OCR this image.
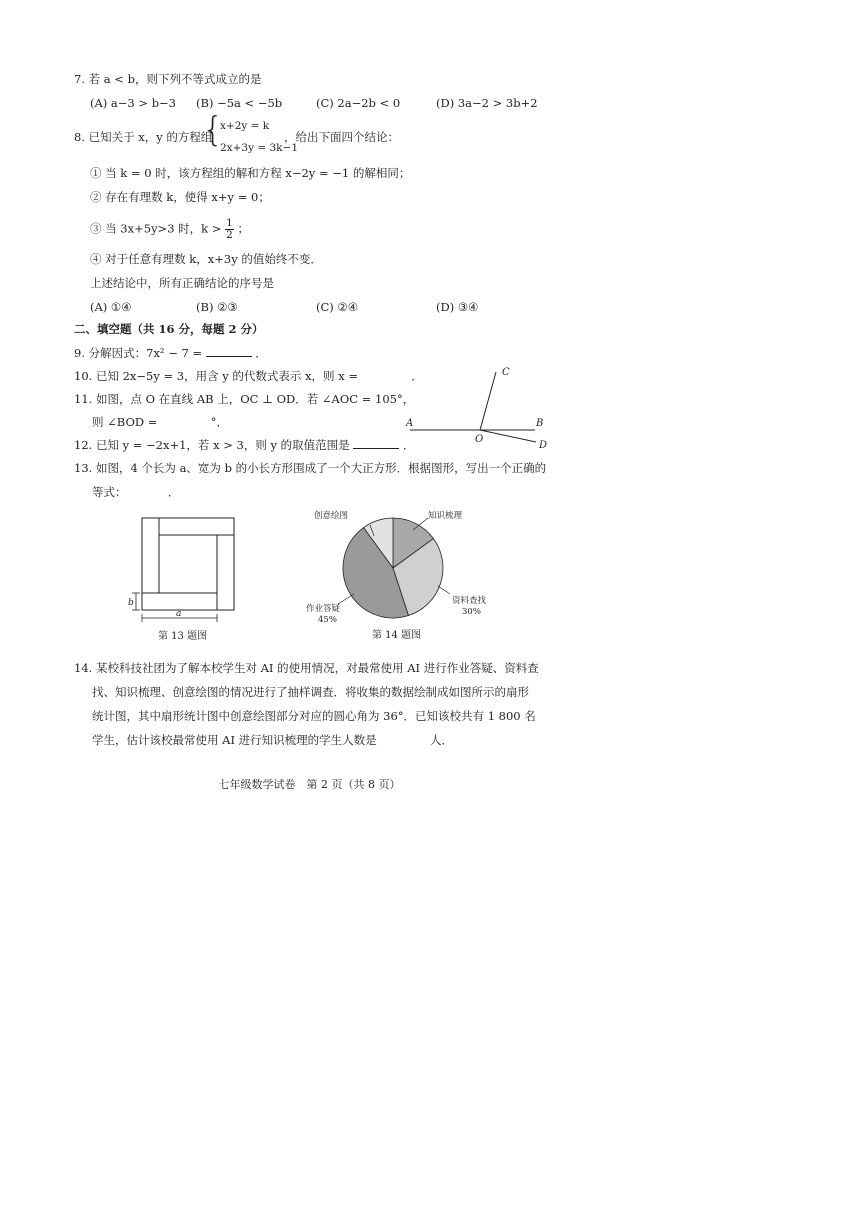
7. 若 a < b，则下列不等式成立的是
(A) a−3 > b−3 (B) −5a < −5b	(C) 2a−2b < 0	(D) 3a−2 > 3b+2
8. 已知关于 x，y 的方程组
{
x+2y = k
2x+3y = 3k−1
，给出下面四个结论：
① 当 k = 0 时，该方程组的解和方程 x−2y = −1 的解相同；
② 存在有理数 k，使得 x+y = 0；
③ 当 3x+5y>3 时，$k > \frac{1}{2}$ ；
④ 对于任意有理数 k，x+3y 的值始终不变．
上述结论中，所有正确结论的序号是
(A) ①④	(B) ②③	(C) ②④	(D) ③④
二、填空题（共 16 分，每题 2 分）
9. 分解因式：7x² − 7 =	．
10. 已知 2x−5y = 3，用含 y 的代数式表示 x，则 x =	．
11. 如图，点 O 在直线 AB 上，OC ⊥ OD．若 ∠AOC = 105°，
则 ∠BOD =	°．	A	B
C
D
O
12. 已知 y = −2x+1，若 x > 3，则 y 的取值范围是	．
13. 如图，4 个长为 a、宽为 b 的小长方形围成了一个大正方形．根据图形，写出一个正确的
等式：	．
a
b
第 13 题图
创意绘图	知识梳理
资料查找
30%
作业答疑
45%
第 14 题图
14. 某校科技社团为了解本校学生对 AI 的使用情况，对最常使用 AI 进行作业答疑、资料查
找、知识梳理、创意绘图的情况进行了抽样调查．将收集的数据绘制成如图所示的扇形
统计图，其中扇形统计图中创意绘图部分对应的圆心角为 36°．已知该校共有 1 800 名
学生，估计该校最常使用 AI 进行知识梳理的学生人数是	人．
七年级数学试卷　第 2 页（共 8 页）
